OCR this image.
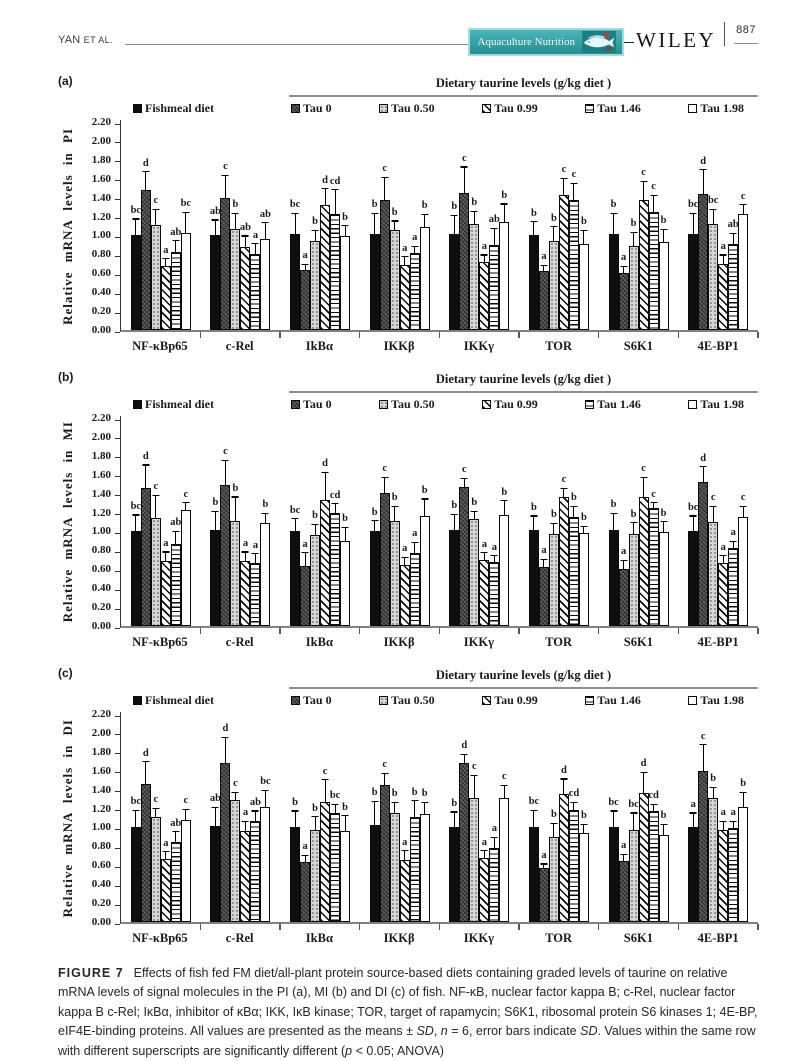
YAN ET AL.	Aquaculture Nutrition	WILEY 887
(a)	Dietary taurine levels (g/kg diet )
Fishmeal diet	Tau 0	Tau 0.50	Tau 0.99	Tau 1.46	Tau 1.98
Relative mRNA levels in PI
0.00
0.20
0.40
0.60
0.80
1.00
1.20
1.40
1.60
1.80
2.00
2.20
bc
d
c
a
ab
bc
ab
c
b
ab
a
ab
bc
a
b
d cd
b
b
c
b
a
a
b b
c
b
a
ab
b
b
a
b
c c
b
b
a
b
c
c
b
bc
d
bc
a
ab
c
NF-κBp65	c-Rel	IkBα	IKKβ	IKKγ	TOR	S6K1	4E-BP1
(b)	Dietary taurine levels (g/kg diet )
Fishmeal diet	Tau 0	Tau 0.50	Tau 0.99	Tau 1.46	Tau 1.98
Relative mRNA levels in MI
0.00
0.20
0.40
0.60
0.80
1.00
1.20
1.40
1.60
1.80
2.00
2.20
bc
d
c
a
ab
c
b
c
b
a a
b
bc
a
b
d
cd
b
b
c
b
a
a
b
b
c
b
a a
b
b
a
b
c
b
b
b
a
b
c
c
b
bc
d
c
a
a
c
NF-κBp65	c-Rel	IkBα	IKKβ	IKKγ	TOR	S6K1	4E-BP1
(c)	Dietary taurine levels (g/kg diet )
Fishmeal diet	Tau 0	Tau 0.50	Tau 0.99	Tau 1.46	Tau 1.98
Relative mRNA levels in DI
0.00
0.20
0.40
0.60
0.80
1.00
1.20
1.40
1.60
1.80
2.00
2.20
bc
d
c
a
ab
c ab
d
c
a
ab
bc
b
a
b
c
bc
b
b
c
b
a
b b
b
d
c
a
a
c
bc
a
b
d
cd
b
bc
a
bc
d
cd
b
a
c
b
a a
b
NF-κBp65	c-Rel	IkBα	IKKβ	IKKγ	TOR	S6K1	4E-BP1

FIGURE 7 Effects of fish fed FM diet/all-plant protein source-based diets containing graded levels of taurine on relative mRNA levels of signal molecules in the PI (a), MI (b) and DI (c) of fish. NF-κB, nuclear factor kappa B; c-Rel, nuclear factor kappa B c-Rel; IκBα, inhibitor of κBα; IKK, IκB kinase; TOR, target of rapamycin; S6K1, ribosomal protein S6 kinases 1; 4E-BP, eIF4E-binding proteins. All values are presented as the means ± SD, n = 6, error bars indicate SD. Values within the same row with different superscripts are significantly different (p < 0.05; ANOVA)
